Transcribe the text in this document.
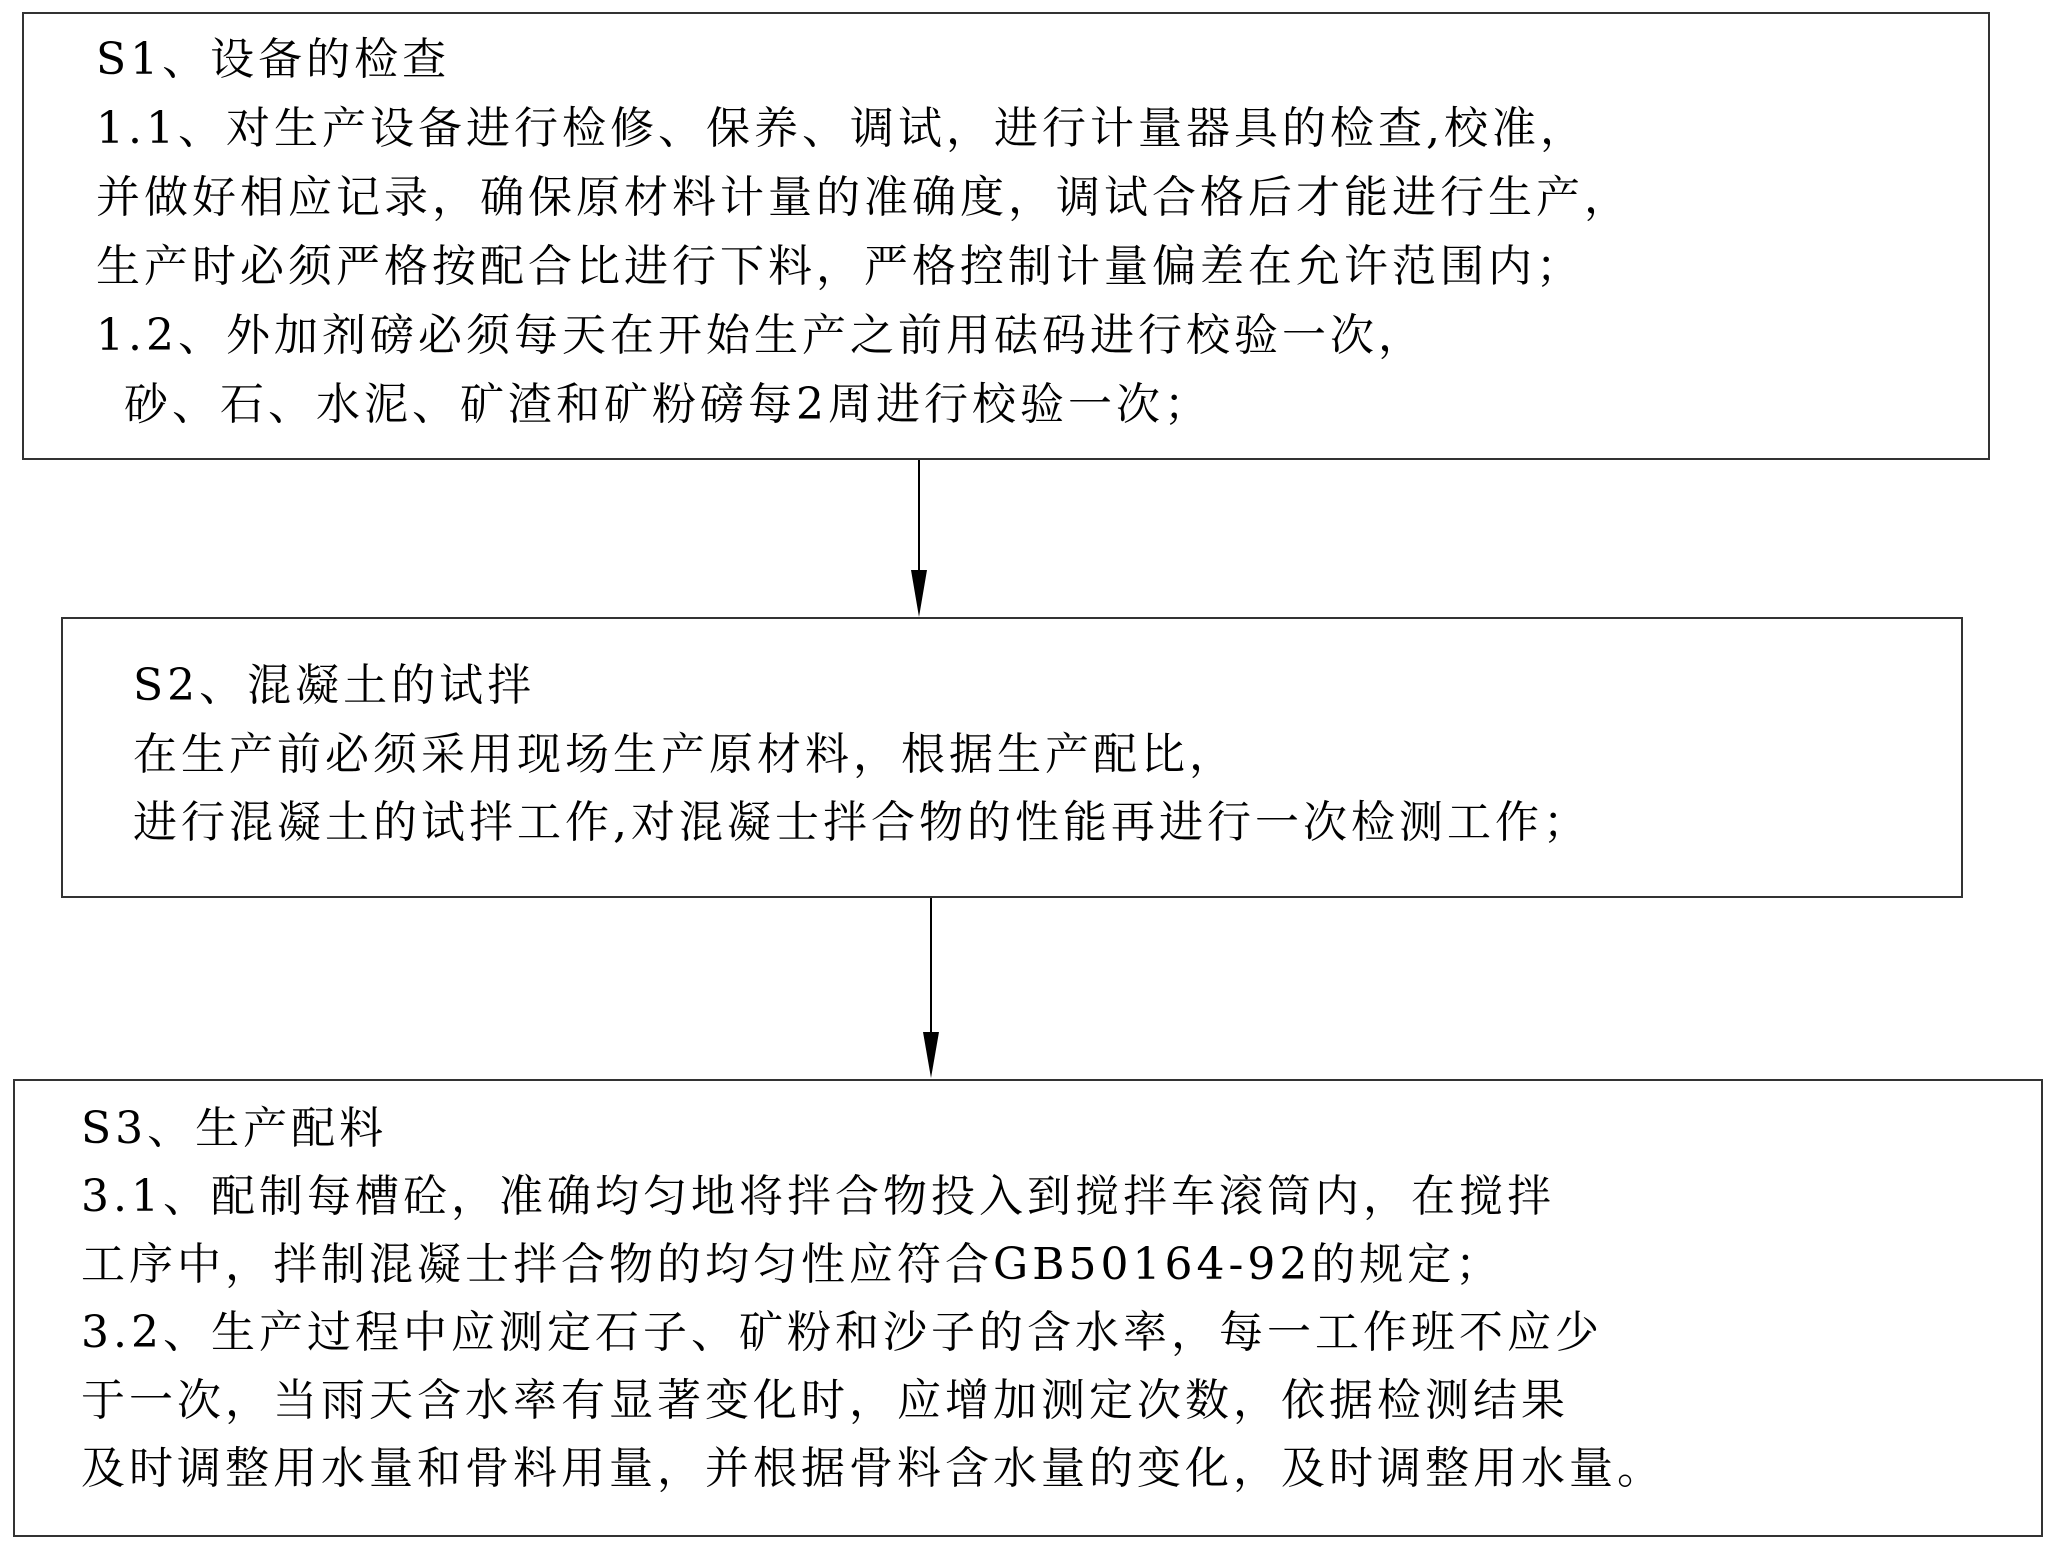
S1、设备的检查
1.1、对生产设备进行检修、保养、调试，进行计量器具的检查,校准，
并做好相应记录，确保原材料计量的准确度，调试合格后才能进行生产，
生产时必须严格按配合比进行下料，严格控制计量偏差在允许范围内；
1.2、外加剂磅必须每天在开始生产之前用砝码进行校验一次，
砂、石、水泥、矿渣和矿粉磅每2周进行校验一次；
S2、混凝土的试拌
在生产前必须采用现场生产原材料，根据生产配比，
进行混凝土的试拌工作,对混凝士拌合物的性能再进行一次检测工作；
S3、生产配料
3.1、配制每槽砼，准确均匀地将拌合物投入到搅拌车滚筒内，在搅拌
工序中，拌制混凝士拌合物的均匀性应符合GB50164-92的规定；
3.2、生产过程中应测定石子、矿粉和沙子的含水率，每一工作班不应少
于一次，当雨天含水率有显著变化时，应增加测定次数，依据检测结果
及时调整用水量和骨料用量，并根据骨料含水量的变化，及时调整用水量。
